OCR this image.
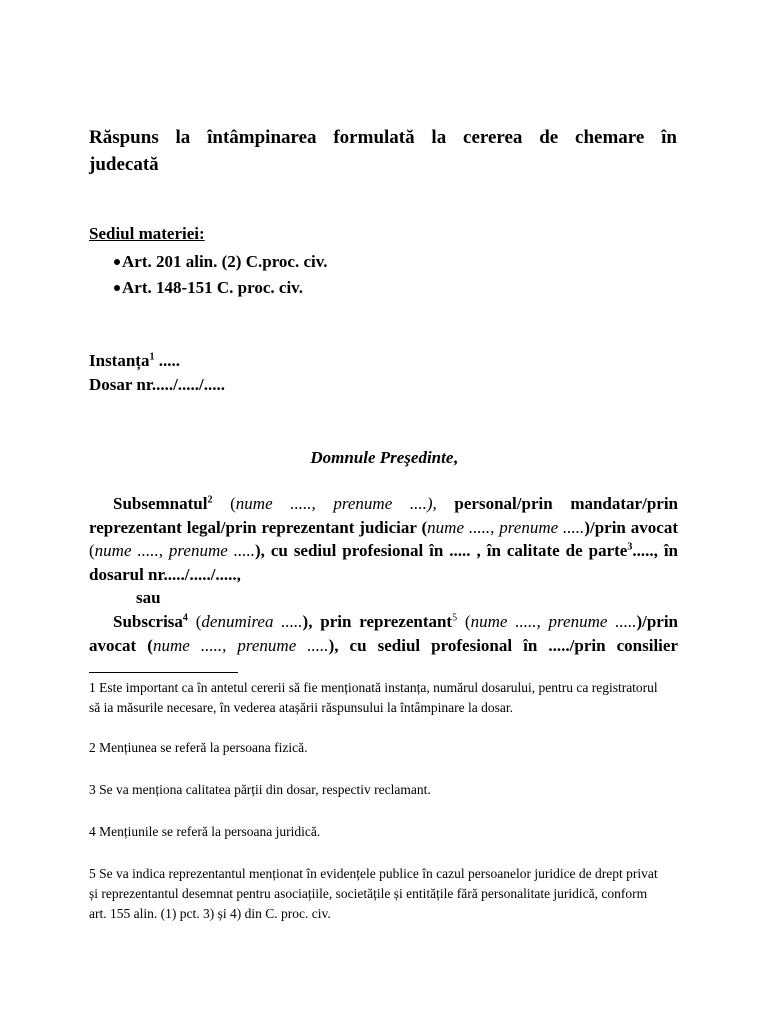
Răspuns la întâmpinarea formulată la cererea de chemare în
judecată

Sediul materiei:

Art. 201 alin. (2) C.proc. civ.
Art. 148-151 C. proc. civ.

Instanța$^1$ .....
Dosar nr...../...../.....

Domnule Preşedinte,

Subsemnatul$^2$ (nume ....., prenume ....), personal/prin mandatar/prin
reprezentant legal/prin reprezentant judiciar (nume ....., prenume .....)/prin avocat
(nume ....., prenume .....), cu sediul profesional în ..... , în calitate de parte$^3$....., în
dosarul nr...../...../.....,
sau
Subscrisa$^4$ (denumirea .....), prin reprezentant$^5$ (nume ....., prenume .....)/prin
avocat (nume ....., prenume .....), cu sediul profesional în ...../prin consilier

1 Este important ca în antetul cererii să fie menționată instanța, numărul dosarului, pentru ca registratorul
să ia măsurile necesare, în vederea atașării răspunsului la întâmpinare la dosar.

2 Mențiunea se referă la persoana fizică.

3 Se va menționa calitatea părții din dosar, respectiv reclamant.

4 Mențiunile se referă la persoana juridică.

5 Se va indica reprezentantul menționat în evidențele publice în cazul persoanelor juridice de drept privat
și reprezentantul desemnat pentru asociațiile, societățile și entitățile fără personalitate juridică, conform
art. 155 alin. (1) pct. 3) și 4) din C. proc. civ.
